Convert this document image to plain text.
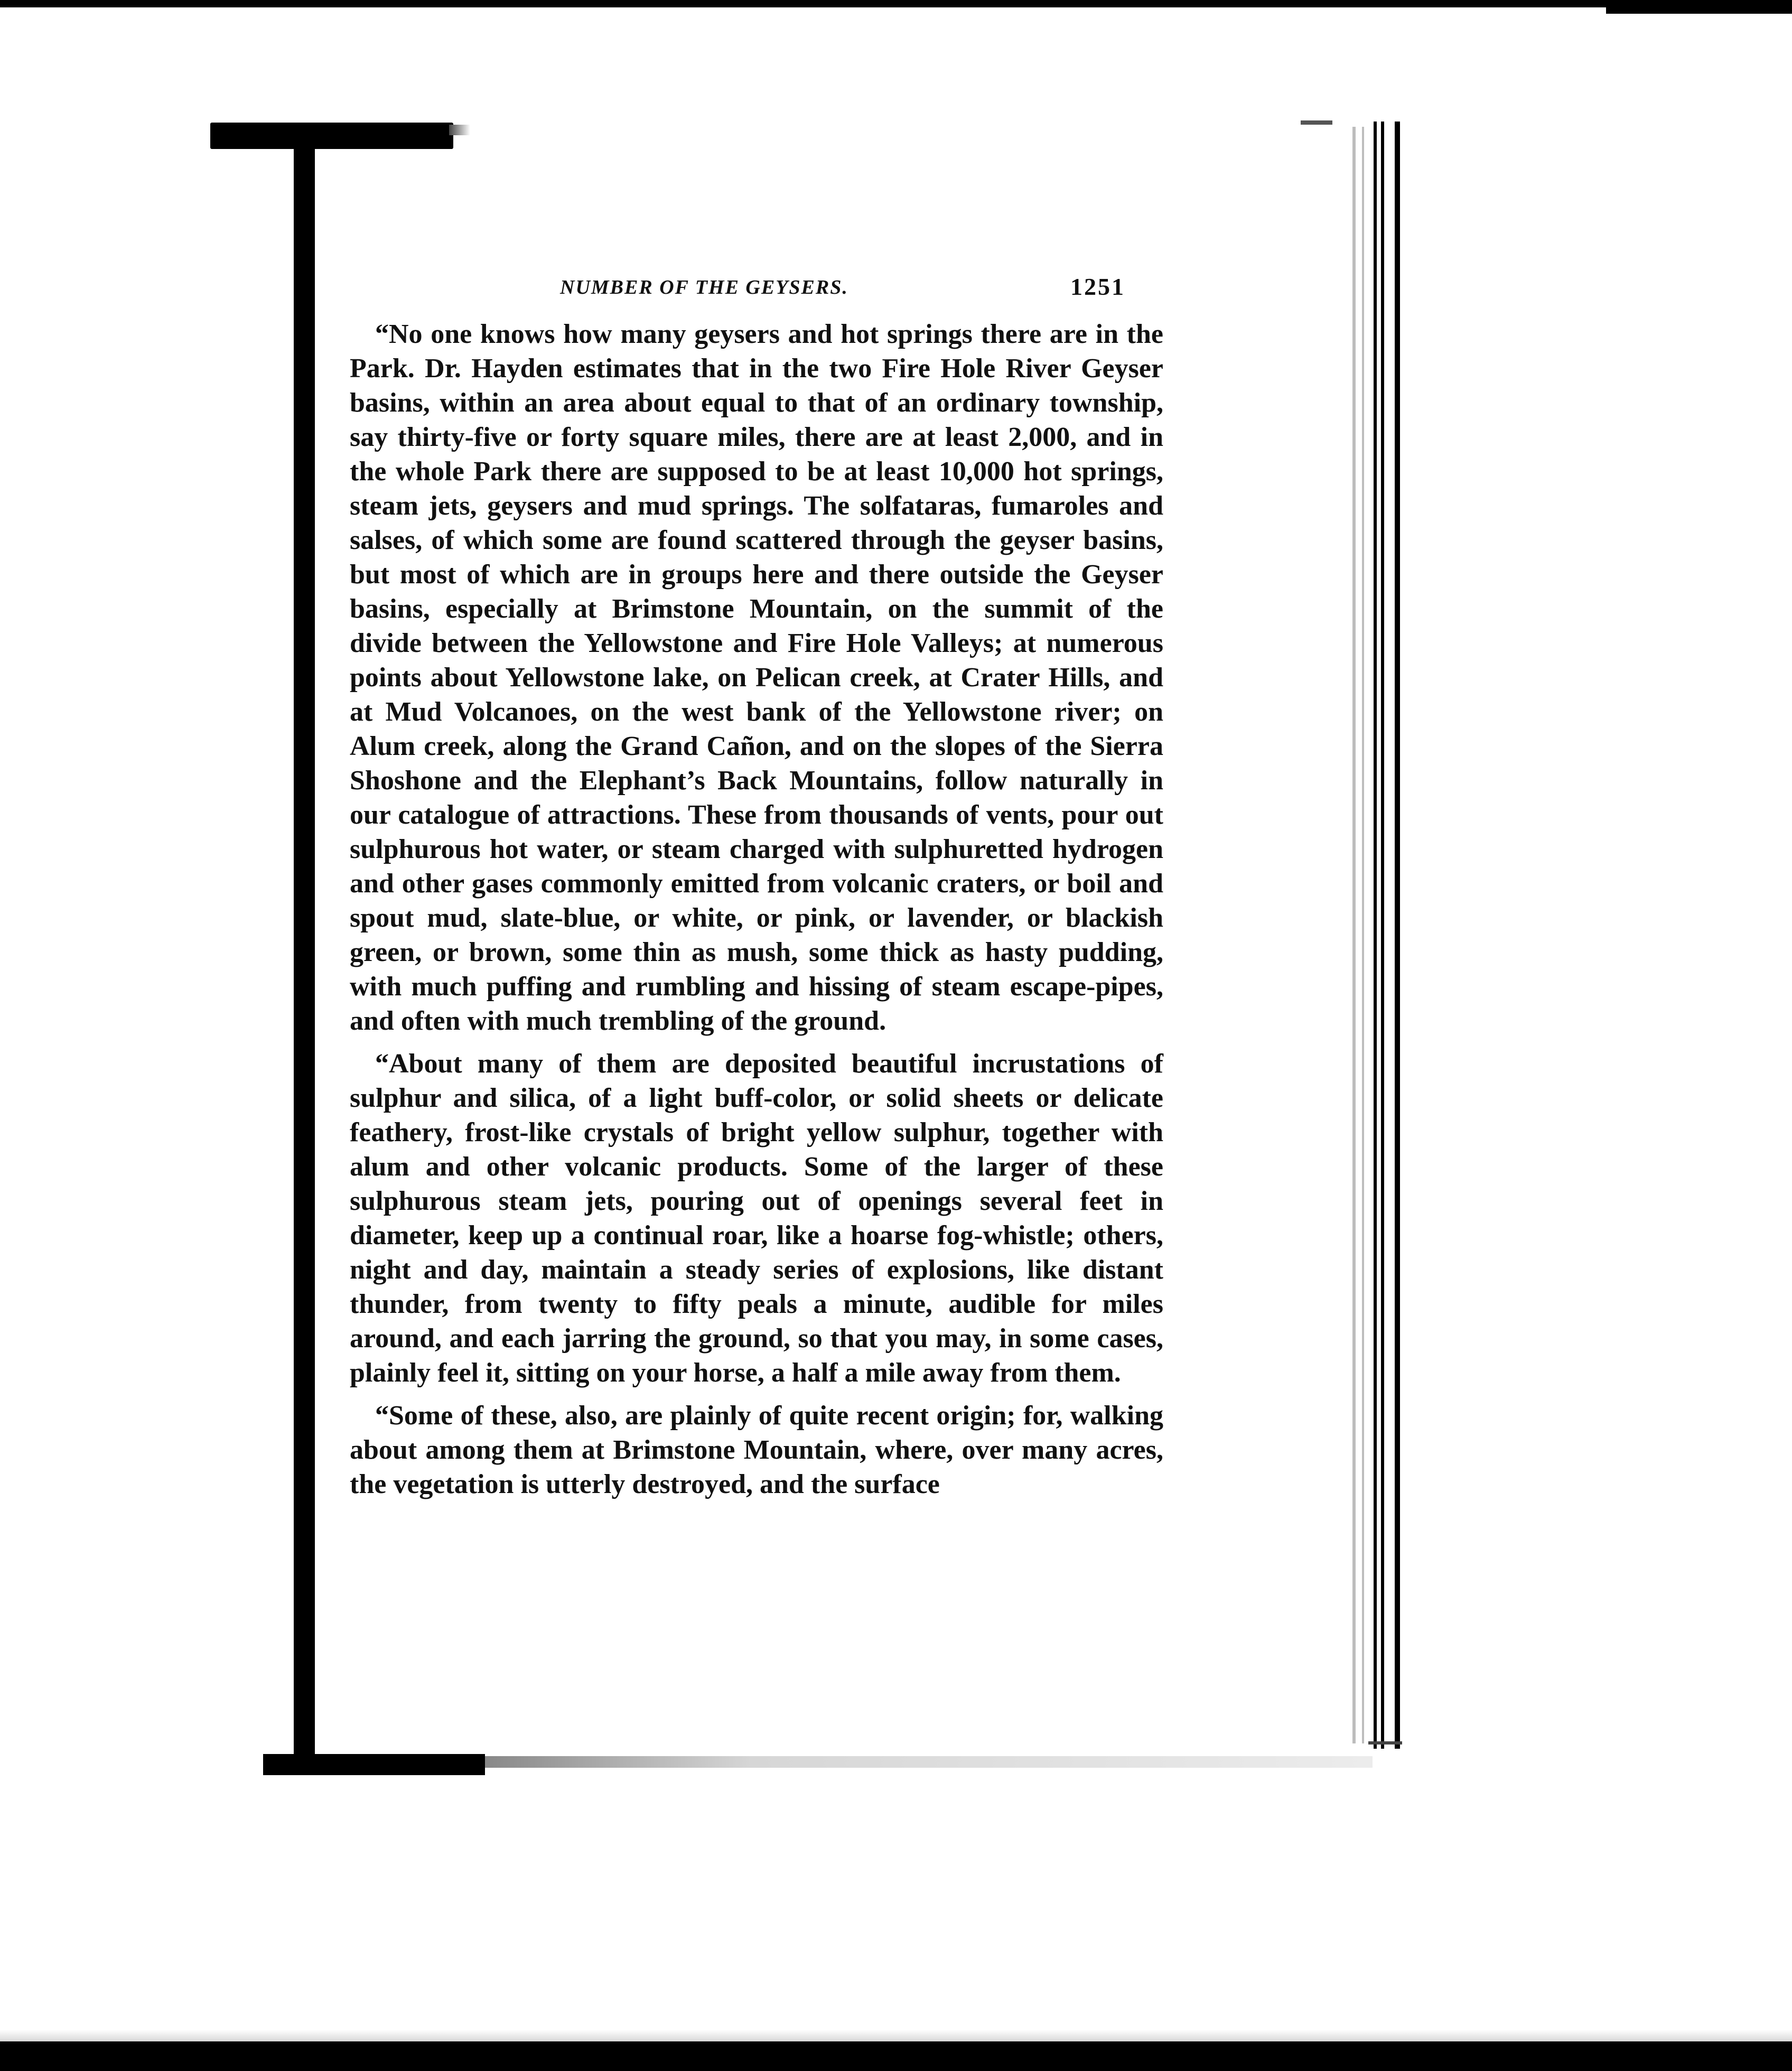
NUMBER OF THE GEYSERS.	1251

“No one knows how many geysers and hot springs there are in the Park. Dr. Hayden estimates that in the two Fire Hole River Geyser basins, within an area about equal to that of an ordinary township, say thirty-five or forty square miles, there are at least 2,000, and in the whole Park there are supposed to be at least 10,000 hot springs, steam jets, geysers and mud springs. The solfataras, fumaroles and salses, of which some are found scattered through the geyser basins, but most of which are in groups here and there outside the Geyser basins, especially at Brimstone Mountain, on the summit of the divide between the Yellowstone and Fire Hole Valleys; at numerous points about Yellowstone lake, on Pelican creek, at Crater Hills, and at Mud Volcanoes, on the west bank of the Yellowstone river; on Alum creek, along the Grand Cañon, and on the slopes of the Sierra Shoshone and the Elephant’s Back Mountains, follow naturally in our catalogue of attractions. These from thousands of vents, pour out sulphurous hot water, or steam charged with sulphuretted hydrogen and other gases commonly emitted from volcanic craters, or boil and spout mud, slate-blue, or white, or pink, or lavender, or blackish green, or brown, some thin as mush, some thick as hasty pudding, with much puffing and rumbling and hissing of steam escape-pipes, and often with much trembling of the ground.

“About many of them are deposited beautiful incrustations of sulphur and silica, of a light buff-color, or solid sheets or delicate feathery, frost-like crystals of bright yellow sulphur, together with alum and other volcanic products. Some of the larger of these sulphurous steam jets, pouring out of openings several feet in diameter, keep up a continual roar, like a hoarse fog-whistle; others, night and day, maintain a steady series of explosions, like distant thunder, from twenty to fifty peals a minute, audible for miles around, and each jarring the ground, so that you may, in some cases, plainly feel it, sitting on your horse, a half a mile away from them.

“Some of these, also, are plainly of quite recent origin; for, walking about among them at Brimstone Mountain, where, over many acres, the vegetation is utterly destroyed, and the surface
